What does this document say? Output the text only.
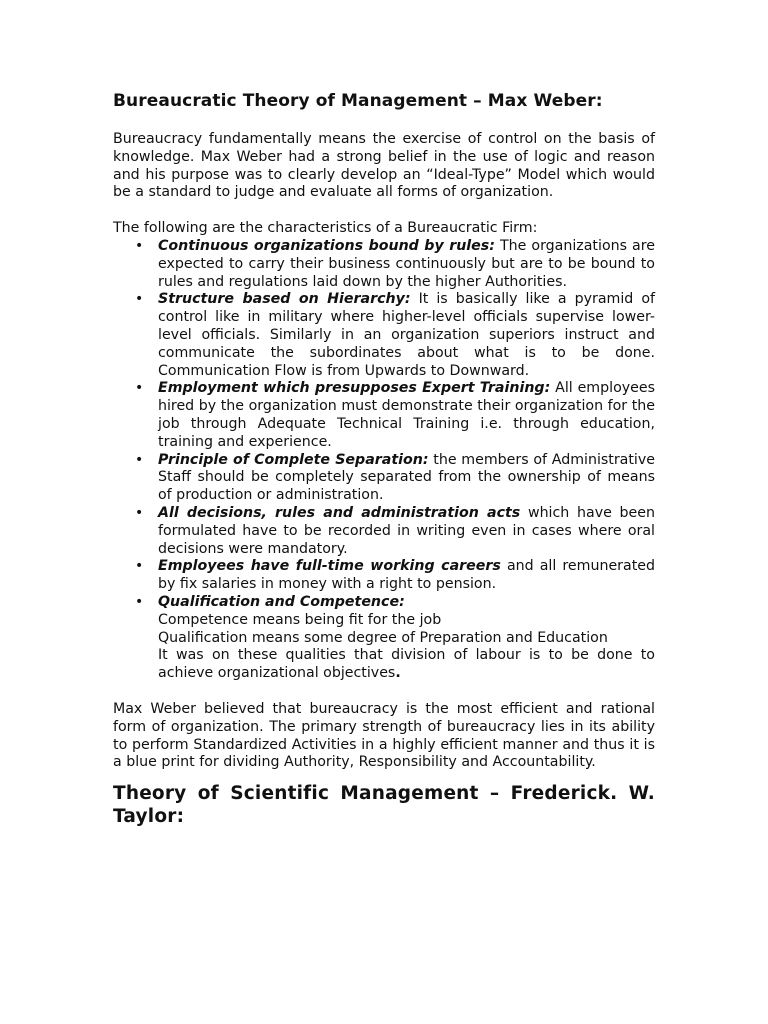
Bureaucratic Theory of Management – Max Weber:

Bureaucracy fundamentally means the exercise of control on the basis of knowledge. Max Weber had a strong belief in the use of logic and reason and his purpose was to clearly develop an “Ideal-Type” Model which would be a standard to judge and evaluate all forms of organization.

The following are the characteristics of a Bureaucratic Firm:

• Continuous organizations bound by rules: The organizations are expected to carry their business continuously but are to be bound to rules and regulations laid down by the higher Authorities.
• Structure based on Hierarchy: It is basically like a pyramid of control like in military where higher-level officials supervise lower- level officials. Similarly in an organization superiors instruct and communicate the subordinates about what is to be done. Communication Flow is from Upwards to Downward.
• Employment which presupposes Expert Training: All employees hired by the organization must demonstrate their organization for the job through Adequate Technical Training i.e. through education, training and experience.
• Principle of Complete Separation: the members of Administrative Staff should be completely separated from the ownership of means of production or administration.
• All decisions, rules and administration acts which have been formulated have to be recorded in writing even in cases where oral decisions were mandatory.
• Employees have full-time working careers and all remunerated by fix salaries in money with a right to pension.
• Qualification and Competence:
Competence means being fit for the job
Qualification means some degree of Preparation and Education
It was on these qualities that division of labour is to be done to achieve organizational objectives.

Max Weber believed that bureaucracy is the most efficient and rational form of organization. The primary strength of bureaucracy lies in its ability to perform Standardized Activities in a highly efficient manner and thus it is a blue print for dividing Authority, Responsibility and Accountability.

Theory of Scientific Management – Frederick. W. Taylor:
